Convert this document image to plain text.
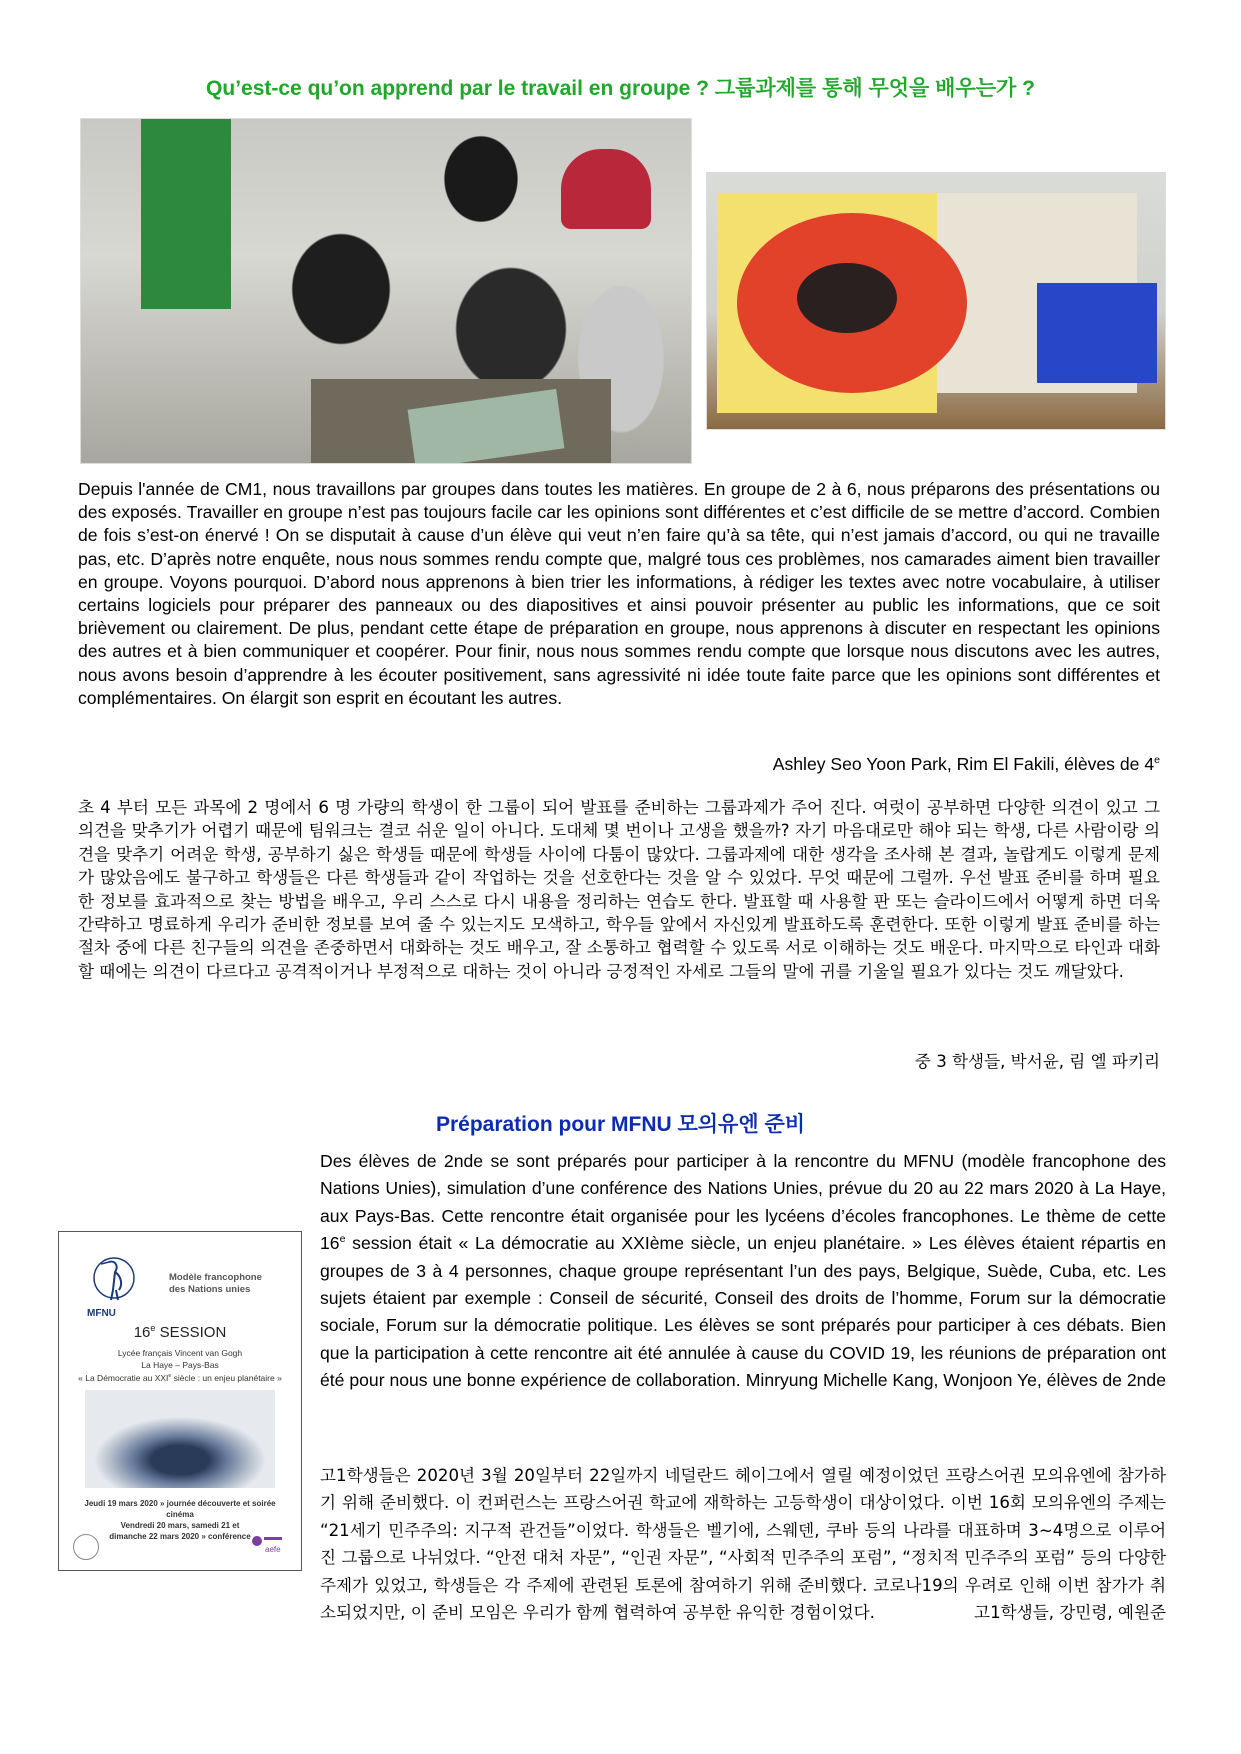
Qu’est-ce qu’on apprend par le travail en groupe ? 그룹과제를 통해 무엇을 배우는가 ?

Depuis l'année de CM1, nous travaillons par groupes dans toutes les matières. En groupe de 2 à 6, nous préparons des présentations ou des exposés. Travailler en groupe n’est pas toujours facile car les opinions sont différentes et c’est difficile de se mettre d’accord. Combien de fois s’est-on énervé ! On se disputait à cause d’un élève qui veut n’en faire qu’à sa tête, qui n’est jamais d’accord, ou qui ne travaille pas, etc. D’après notre enquête, nous nous sommes rendu compte que, malgré tous ces problèmes, nos camarades aiment bien travailler en groupe. Voyons pourquoi. D’abord nous apprenons à bien trier les informations, à rédiger les textes avec notre vocabulaire, à utiliser certains logiciels pour préparer des panneaux ou des diapositives et ainsi pouvoir présenter au public les informations, que ce soit brièvement ou clairement. De plus, pendant cette étape de préparation en groupe, nous apprenons à discuter en respectant les opinions des autres et à bien communiquer et coopérer. Pour finir, nous nous sommes rendu compte que lorsque nous discutons avec les autres, nous avons besoin d’apprendre à les écouter positivement, sans agressivité ni idée toute faite parce que les opinions sont différentes et complémentaires. On élargit son esprit en écoutant les autres.

Ashley Seo Yoon Park, Rim El Fakili, élèves de 4e

초 4 부터 모든 과목에 2 명에서 6 명 가량의 학생이 한 그룹이 되어 발표를 준비하는 그룹과제가 주어 진다. 여럿이 공부하면 다양한 의견이 있고 그 의견을 맞추기가 어렵기 때문에 팀워크는 결코 쉬운 일이 아니다. 도대체 몇 번이나 고생을 했을까? 자기 마음대로만 해야 되는 학생, 다른 사람이랑 의견을 맞추기 어려운 학생, 공부하기 싫은 학생들 때문에 학생들 사이에 다툼이 많았다. 그룹과제에 대한 생각을 조사해 본 결과, 놀랍게도 이렇게 문제가 많았음에도 불구하고 학생들은 다른 학생들과 같이 작업하는 것을 선호한다는 것을 알 수 있었다. 무엇 때문에 그럴까. 우선 발표 준비를 하며 필요한 정보를 효과적으로 찾는 방법을 배우고, 우리 스스로 다시 내용을 정리하는 연습도 한다. 발표할 때 사용할 판 또는 슬라이드에서 어떻게 하면 더욱 간략하고 명료하게 우리가 준비한 정보를 보여 줄 수 있는지도 모색하고, 학우들 앞에서 자신있게 발표하도록 훈련한다. 또한 이렇게 발표 준비를 하는 절차 중에 다른 친구들의 의견을 존중하면서 대화하는 것도 배우고, 잘 소통하고 협력할 수 있도록 서로 이해하는 것도 배운다. 마지막으로 타인과 대화할 때에는 의견이 다르다고 공격적이거나 부정적으로 대하는 것이 아니라 긍정적인 자세로 그들의 말에 귀를 기울일 필요가 있다는 것도 깨달았다.

중 3 학생들, 박서윤, 림 엘 파키리

Préparation pour MFNU 모의유엔 준비
MFNU
Modèle francophone
des Nations unies
16e SESSION
Lycée français Vincent van Gogh
La Haye – Pays-Bas
« La Démocratie au XXIe siècle : un enjeu planétaire »
Jeudi 19 mars 2020 » journée découverte et soirée cinéma
Vendredi 20 mars, samedi 21 et
dimanche 22 mars 2020 » conférence
aefe

Des élèves de 2nde se sont préparés pour participer à la rencontre du MFNU (modèle francophone des Nations Unies), simulation d’une conférence des Nations Unies, prévue du 20 au 22 mars 2020 à La Haye, aux Pays-Bas. Cette rencontre était organisée pour les lycéens d’écoles francophones. Le thème de cette 16e session était « La démocratie au XXIème siècle, un enjeu planétaire. » Les élèves étaient répartis en groupes de 3 à 4 personnes, chaque groupe représentant l’un des pays, Belgique, Suède, Cuba, etc. Les sujets étaient par exemple : Conseil de sécurité, Conseil des droits de l’homme, Forum sur la démocratie sociale, Forum sur la démocratie politique. Les élèves se sont préparés pour participer à ces débats. Bien que la participation à cette rencontre ait été annulée à cause du COVID 19, les réunions de préparation ont été pour nous une bonne expérience de collaboration. Minryung Michelle Kang, Wonjoon Ye, élèves de 2nde

고1학생들은 2020년 3월 20일부터 22일까지 네덜란드 헤이그에서 열릴 예정이었던 프랑스어권 모의유엔에 참가하기 위해 준비했다. 이 컨퍼런스는 프랑스어권 학교에 재학하는 고등학생이 대상이었다. 이번 16회 모의유엔의 주제는 “21세기 민주주의: 지구적 관건들”이었다. 학생들은 벨기에, 스웨덴, 쿠바 등의 나라를 대표하며 3~4명으로 이루어진 그룹으로 나뉘었다. “안전 대처 자문”, “인권 자문”, “사회적 민주주의 포럼”, “정치적 민주주의 포럼” 등의 다양한 주제가 있었고, 학생들은 각 주제에 관련된 토론에 참여하기 위해 준비했다. 코로나19의 우려로 인해 이번 참가가 취소되었지만, 이 준비 모임은 우리가 함께 협력하여 공부한 유익한 경험이었다.	고1학생들, 강민령, 예원준
